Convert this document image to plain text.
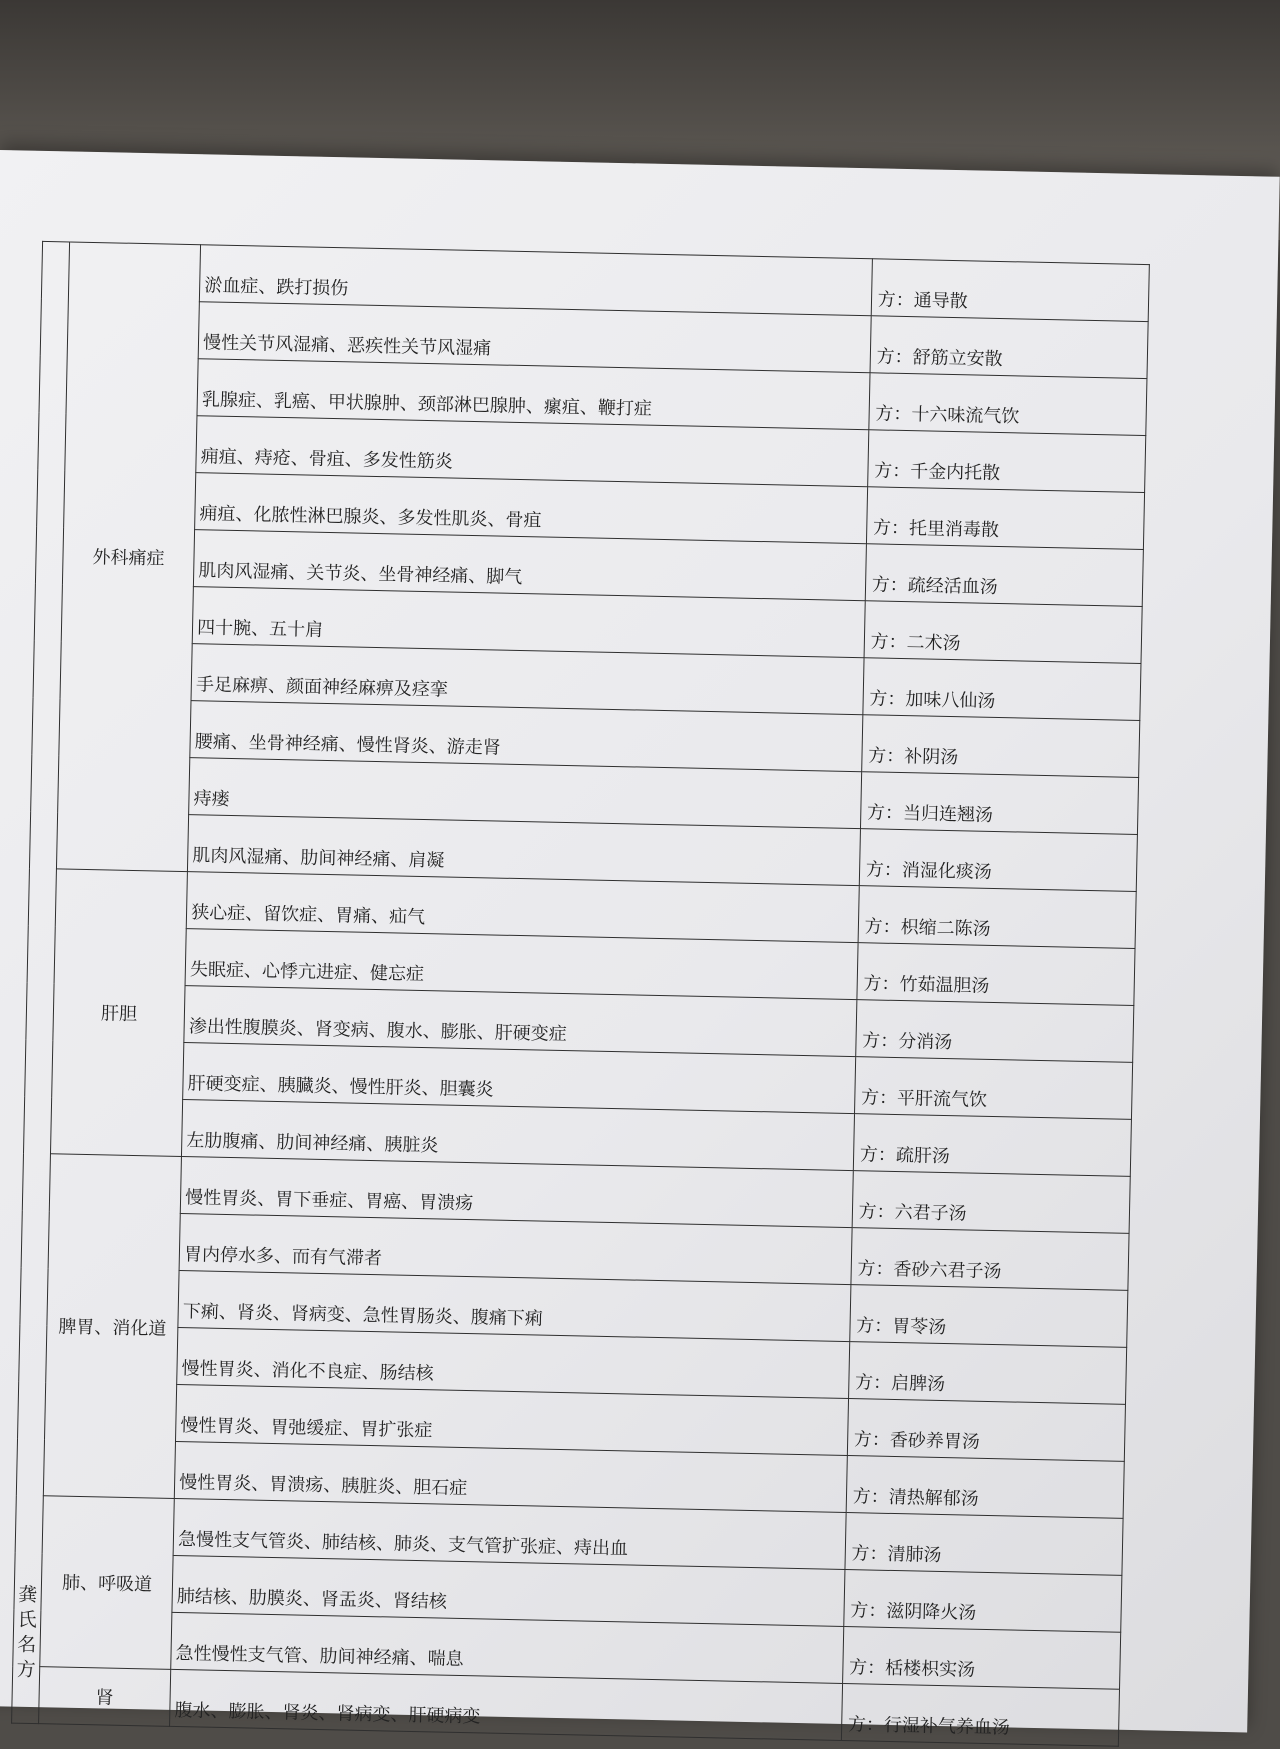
龚
氏
名
方	外科痛症	淤血症、跌打损伤	方：通导散
		慢性关节风湿痛、恶疾性关节风湿痛	方：舒筋立安散
		乳腺症、乳癌、甲状腺肿、颈部淋巴腺肿、瘰疽、鞭打症	方：十六味流气饮
		痈疽、痔疮、骨疽、多发性筋炎	方：千金内托散
		痈疽、化脓性淋巴腺炎、多发性肌炎、骨疽	方：托里消毒散
		肌肉风湿痛、关节炎、坐骨神经痛、脚气	方：疏经活血汤
		四十腕、五十肩	方：二术汤
		手足麻痹、颜面神经麻痹及痉挛	方：加味八仙汤
		腰痛、坐骨神经痛、慢性肾炎、游走肾	方：补阴汤
		痔瘘	方：当归连翘汤
		肌肉风湿痛、肋间神经痛、肩凝	方：消湿化痰汤
	肝胆	狭心症、留饮症、胃痛、疝气	方：枳缩二陈汤
		失眠症、心悸亢进症、健忘症	方：竹茹温胆汤
		渗出性腹膜炎、肾变病、腹水、膨胀、肝硬变症	方：分消汤
		肝硬变症、胰臓炎、慢性肝炎、胆囊炎	方：平肝流气饮
		左肋腹痛、肋间神经痛、胰脏炎	方：疏肝汤
	脾胃、消化道	慢性胃炎、胃下垂症、胃癌、胃溃疡	方：六君子汤
		胃内停水多、而有气滞者	方：香砂六君子汤
		下痢、肾炎、肾病变、急性胃肠炎、腹痛下痢	方：胃苓汤
		慢性胃炎、消化不良症、肠结核	方：启脾汤
		慢性胃炎、胃弛缓症、胃扩张症	方：香砂养胃汤
		慢性胃炎、胃溃疡、胰脏炎、胆石症	方：清热解郁汤
	肺、呼吸道	急慢性支气管炎、肺结核、肺炎、支气管扩张症、痔出血	方：清肺汤
		肺结核、肋膜炎、肾盂炎、肾结核	方：滋阴降火汤
		急性慢性支气管、肋间神经痛、喘息	方：栝楼枳实汤
	肾	腹水、膨胀、肾炎、肾病变、肝硬病变	方：行湿补气养血汤
